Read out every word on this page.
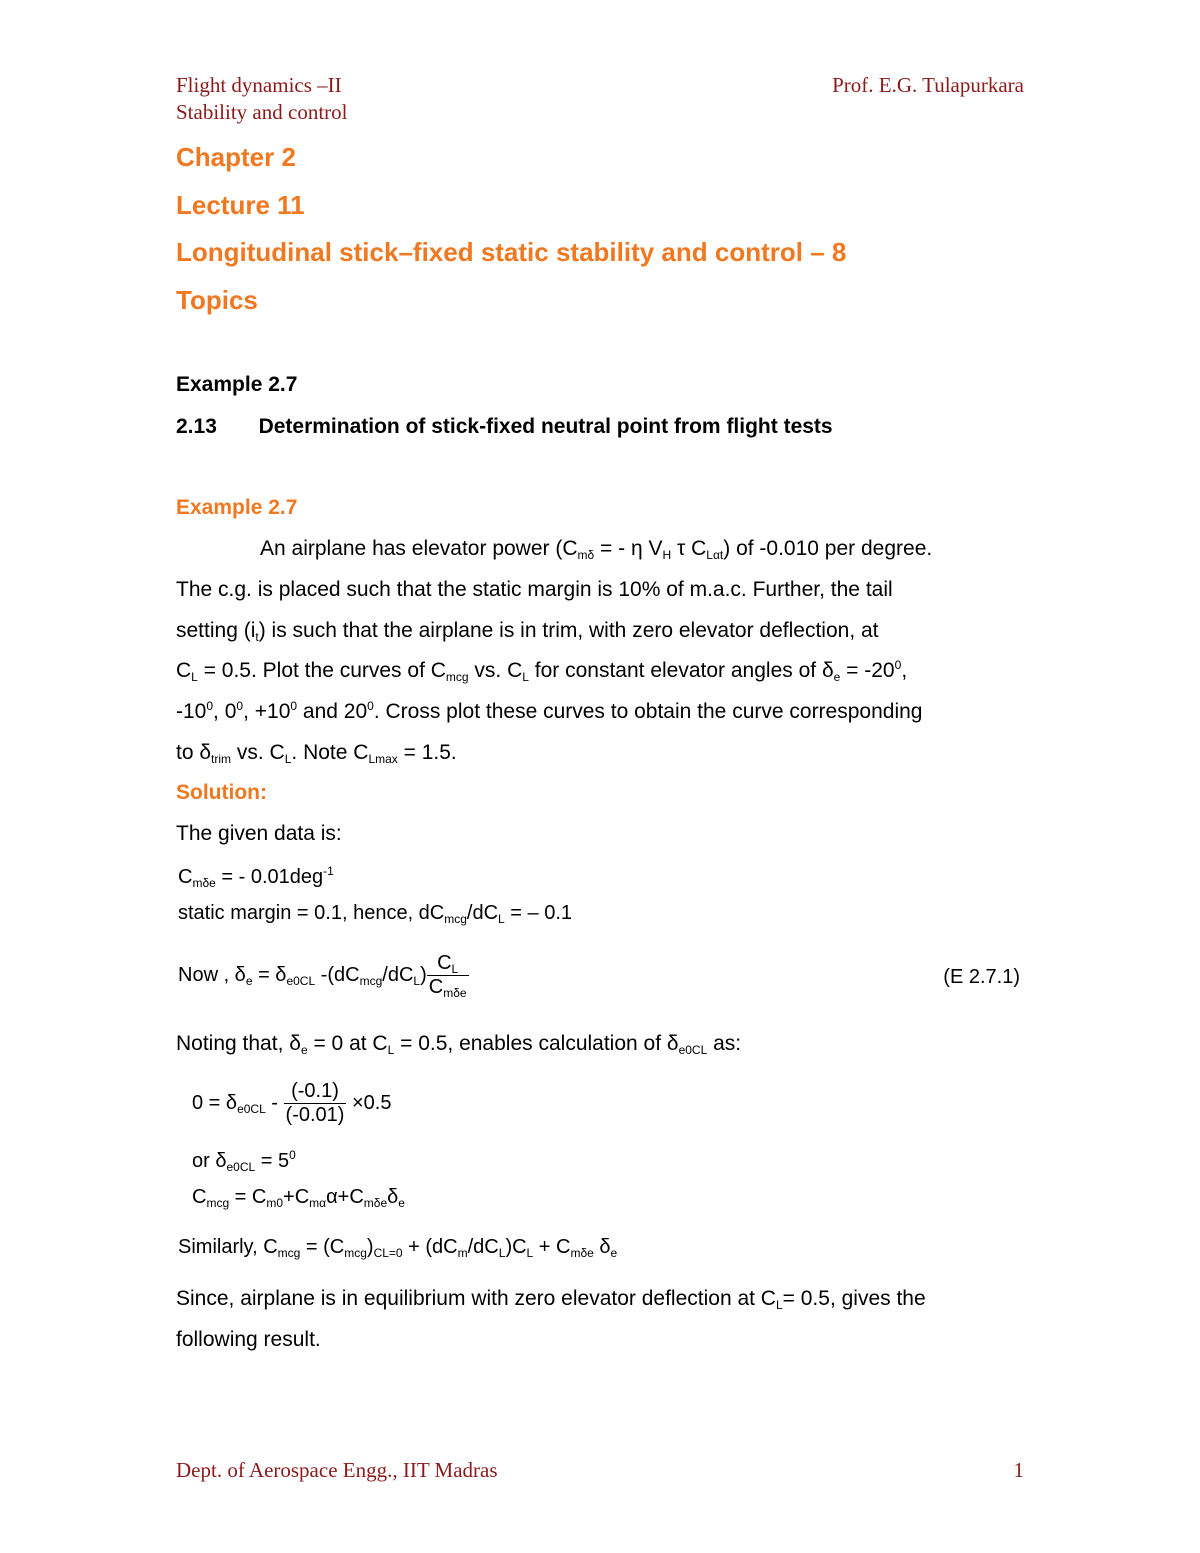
Flight dynamics –II
Stability and control
Prof. E.G. Tulapurkara
Chapter 2
Lecture 11
Longitudinal stick–fixed static stability and control – 8
Topics
Example 2.7
2.13 Determination of stick-fixed neutral point from flight tests
Example 2.7
An airplane has elevator power ($C_{m\delta}$ = - η $V_H$ τ $C_{L\alpha t}$) of -0.010 per degree.
The c.g. is placed such that the static margin is 10% of m.a.c. Further, the tail
setting $(i_t)$ is such that the airplane is in trim, with zero elevator deflection, at
$C_L = 0.5$. Plot the curves of $C_{mcg}$ vs. $C_L$ for constant elevator angles of $\delta_e = -20^0$,
$-10^0$, $0^0$, $+10^0$ and $20^0$. Cross plot these curves to obtain the curve corresponding
to $\delta_{trim}$ vs. $C_L$. Note $C_{Lmax} = 1.5$.
Solution:
The given data is:
$C_{m\delta e}$ = - 0.01deg$^{-1}$
static margin = 0.1, hence, $dC_{mcg}/dC_L$ = – 0.1
Now , $\delta_e = \delta_{e0CL}$ $-(dC_{mcg}/dC_L) \frac{C_L}{C_{m\delta e}}$	(E 2.7.1)
Noting that, $\delta_e = 0$ at $C_L = 0.5$, enables calculation of $\delta_{e0CL}$ as:
$0 = \delta_{e0CL} - \frac{(-0.1)}{(-0.01)} \times 0.5$
or $\delta_{e0CL} = 5^0$
$C_{mcg} = C_{m0}+C_{m\alpha}\alpha+C_{m\delta e}\delta_e$
Similarly, $C_{mcg} = (C_{mcg})_{CL=0} + (dC_m/dC_L)C_L + C_{m\delta e}$ $\delta_e$
Since, airplane is in equilibrium with zero elevator deflection at $C_L= 0.5$, gives the
following result.
Dept. of Aerospace Engg., IIT Madras	1
